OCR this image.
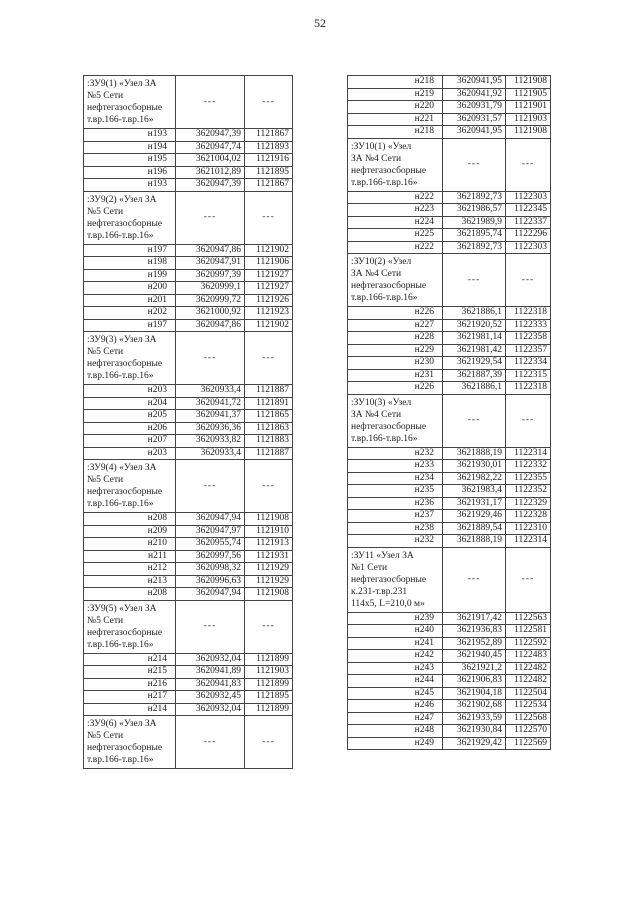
52
:ЗУ9(1) «Узел ЗА
№5 Сети
нефтегазосборные
т.вр.166-т.вр.16»	---	---
н193	3620947,39	1121867
н194	3620947,74	1121893
н195	3621004,02	1121916
н196	3621012,89	1121895
н193	3620947,39	1121867

:ЗУ9(2) «Узел ЗА
№5 Сети
нефтегазосборные
т.вр.166-т.вр.16»	---	---
н197	3620947,86	1121902
н198	3620947,91	1121906
н199	3620997,39	1121927
н200	3620999,1	1121927
н201	3620999,72	1121926
н202	3621000,92	1121923
н197	3620947,86	1121902

:ЗУ9(3) «Узел ЗА
№5 Сети
нефтегазосборные
т.вр.166-т.вр.16»	---	---
н203	3620933,4	1121887
н204	3620941,72	1121891
н205	3620941,37	1121865
н206	3620936,36	1121863
н207	3620933,82	1121883
н203	3620933,4	1121887

:ЗУ9(4) «Узел ЗА
№5 Сети
нефтегазосборные
т.вр.166-т.вр.16»	---	---
н208	3620947,94	1121908
н209	3620947,97	1121910
н210	3620955,74	1121913
н211	3620997,56	1121931
н212	3620998,32	1121929
н213	3620996,63	1121929
н208	3620947,94	1121908

:ЗУ9(5) «Узел ЗА
№5 Сети
нефтегазосборные
т.вр.166-т.вр.16»	---	---
н214	3620932,04	1121899
н215	3620941,89	1121903
н216	3620941,83	1121899
н217	3620932,45	1121895
н214	3620932,04	1121899

:ЗУ9(6) «Узел ЗА
№5 Сети
нефтегазосборные
т.вр.166-т.вр.16»	---	---
н218	3620941,95	1121908
н219	3620941,92	1121905
н220	3620931,79	1121901
н221	3620931,57	1121903
н218	3620941,95	1121908

:ЗУ10(1) «Узел
ЗА №4 Сети
нефтегазосборные
т.вр.166-т.вр.16»	---	---
н222	3621892,73	1122303
н223	3621986,57	1122345
н224	3621989,9	1122337
н225	3621895,74	1122296
н222	3621892,73	1122303

:ЗУ10(2) «Узел
ЗА №4 Сети
нефтегазосборные
т.вр.166-т.вр.16»	---	---
н226	3621886,1	1122318
н227	3621920,52	1122333
н228	3621981,14	1122358
н229	3621981,42	1122357
н230	3621929,54	1122334
н231	3621887,39	1122315
н226	3621886,1	1122318

:ЗУ10(3) «Узел
ЗА №4 Сети
нефтегазосборные
т.вр.166-т.вр.16»	---	---
н232	3621888,19	1122314
н233	3621930,01	1122332
н234	3621982,22	1122355
н235	3621983,4	1122352
н236	3621931,17	1122329
н237	3621929,46	1122328
н238	3621889,54	1122310
н232	3621888,19	1122314

:ЗУ11 «Узел ЗА
№1 Сети
нефтегазосборные
к.231-т.вр.231
114x5, L=210,0 м»	---	---
н239	3621917,42	1122563
н240	3621936,83	1122581
н241	3621952,89	1122592
н242	3621940,45	1122483
н243	3621921,2	1122482
н244	3621906,83	1122482
н245	3621904,18	1122504
н246	3621902,68	1122534
н247	3621933,59	1122568
н248	3621930,84	1122570
н249	3621929,42	1122569
